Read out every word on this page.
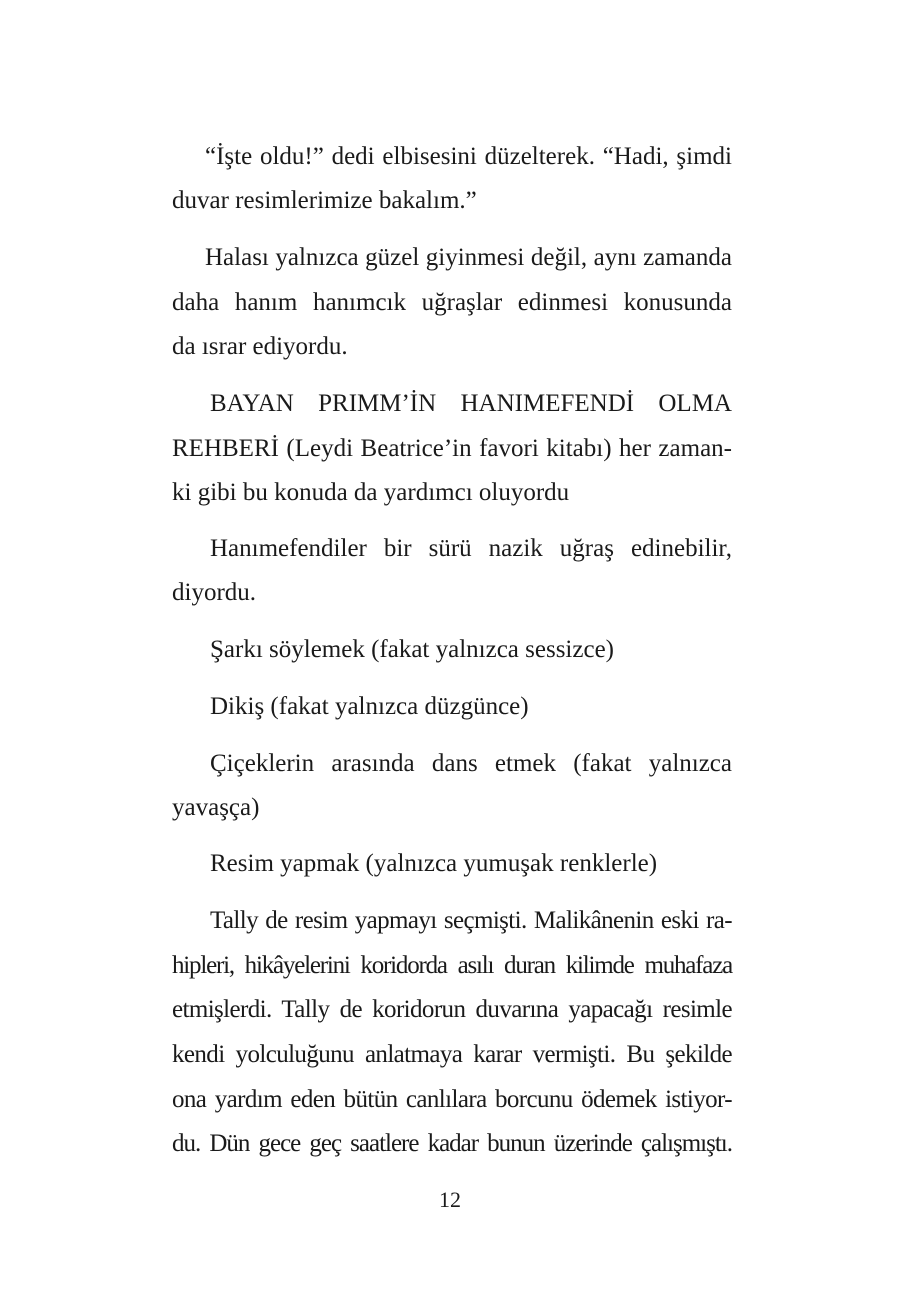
“İşte oldu!” dedi elbisesini düzelterek. “Hadi, şimdi

duvar resimlerimize bakalım.”

Halası yalnızca güzel giyinmesi değil, aynı zamanda

daha hanım hanımcık uğraşlar edinmesi konusunda

da ısrar ediyordu.

BAYAN PRIMM’İN HANIMEFENDİ OLMA

REHBERİ (Leydi Beatrice’in favori kitabı) her zaman-

ki gibi bu konuda da yardımcı oluyordu

Hanımefendiler bir sürü nazik uğraş edinebilir,

diyordu.

Şarkı söylemek (fakat yalnızca sessizce)

Dikiş (fakat yalnızca düzgünce)

Çiçeklerin arasında dans etmek (fakat yalnızca

yavaşça)

Resim yapmak (yalnızca yumuşak renklerle)

Tally de resim yapmayı seçmişti. Malikânenin eski ra-

hipleri, hikâyelerini koridorda asılı duran kilimde muhafaza

etmişlerdi. Tally de koridorun duvarına yapacağı resimle

kendi yolculuğunu anlatmaya karar vermişti. Bu şekilde

ona yardım eden bütün canlılara borcunu ödemek istiyor-

du. Dün gece geç saatlere kadar bunun üzerinde çalışmıştı.

12
